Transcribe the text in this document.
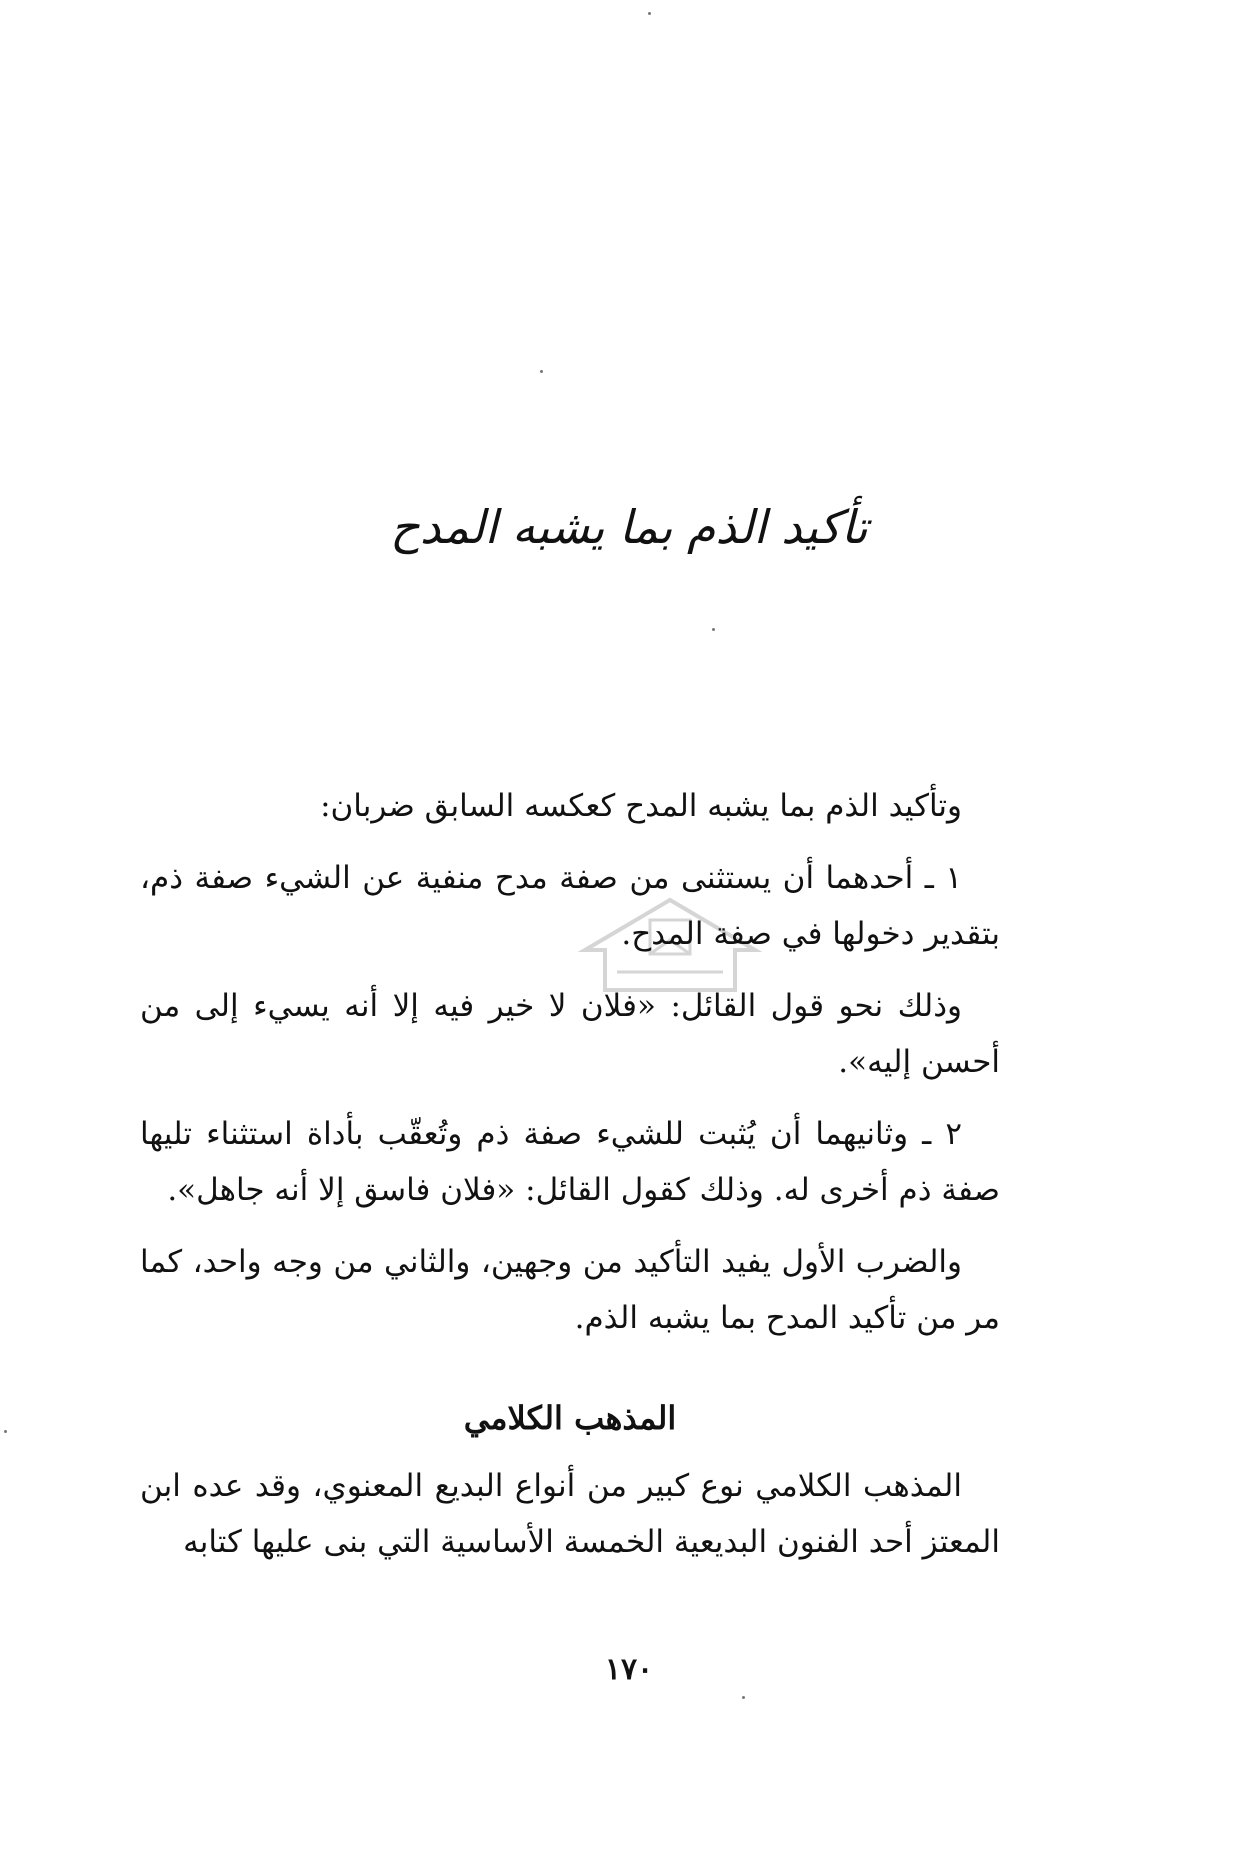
تأكيد الذم بما يشبه المدح

وتأكيد الذم بما يشبه المدح كعكسه السابق ضربان:

١ ـ أحدهما أن يستثنى من صفة مدح منفية عن الشيء صفة ذم، بتقدير دخولها في صفة المدح.

وذلك نحو قول القائل: «فلان لا خير فيه إلا أنه يسيء إلى من أحسن إليه».

٢ ـ وثانيهما أن يُثبت للشيء صفة ذم وتُعقّب بأداة استثناء تليها صفة ذم أخرى له. وذلك كقول القائل: «فلان فاسق إلا أنه جاهل».

والضرب الأول يفيد التأكيد من وجهين، والثاني من وجه واحد، كما مر من تأكيد المدح بما يشبه الذم.

المذهب الكلامي

المذهب الكلامي نوع كبير من أنواع البديع المعنوي، وقد عده ابن المعتز أحد الفنون البديعية الخمسة الأساسية التي بنى عليها كتابه

١٧٠
